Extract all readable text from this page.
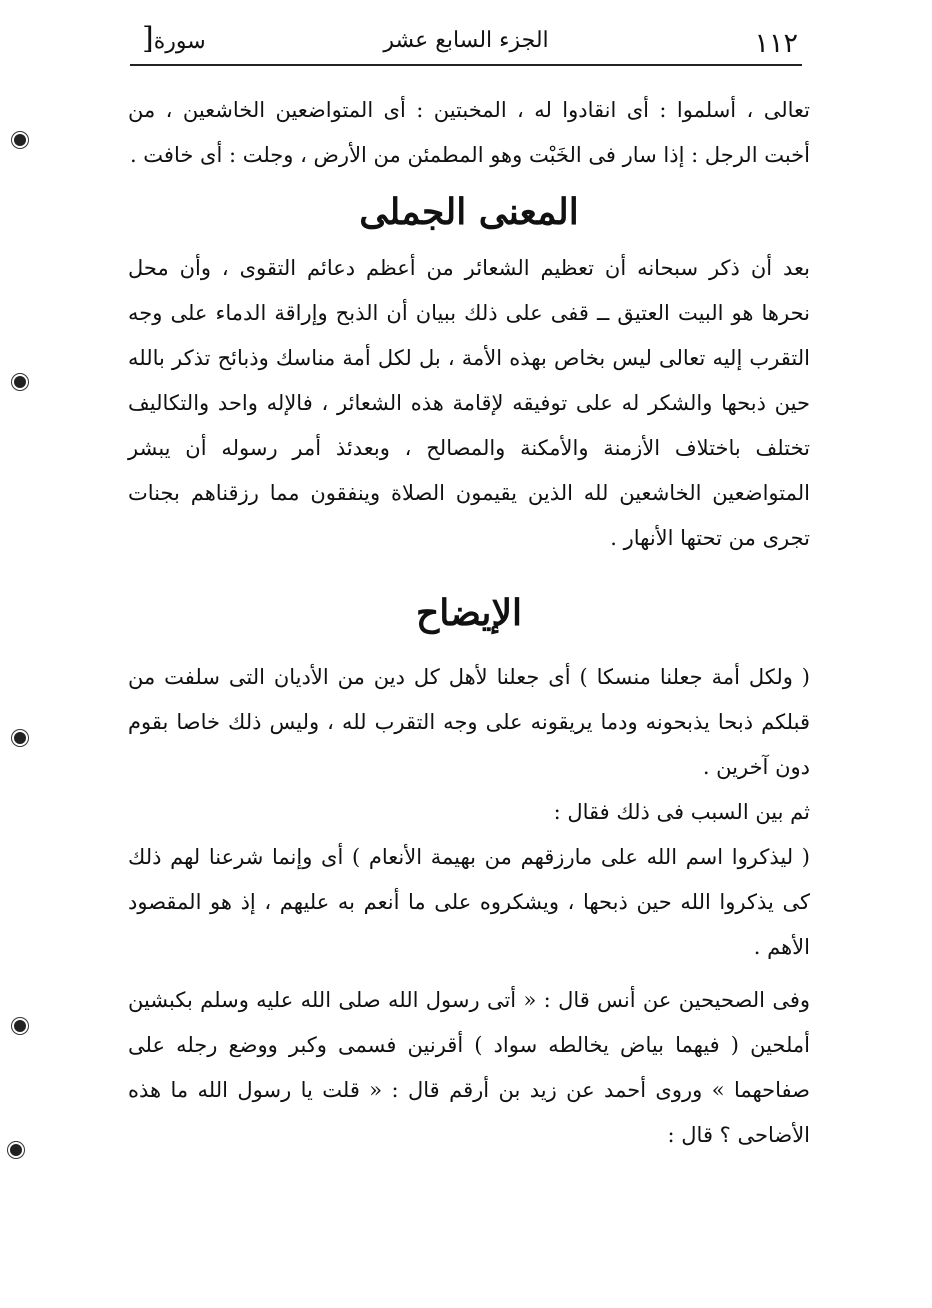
١١٢
الجزء السابع عشر
سورة[

تعالى ، أسلموا : أى انقادوا له ، المخبتين : أى المتواضعين الخاشعين ، من أخبت الرجل : إذا سار فى الخَبْت وهو المطمئن من الأرض ، وجلت : أى خافت .

المعنى الجملى

بعد أن ذكر سبحانه أن تعظيم الشعائر من أعظم دعائم التقوى ، وأن محل نحرها هو البيت العتيق ــ قفى على ذلك ببيان أن الذبح وإراقة الدماء على وجه التقرب إليه تعالى ليس بخاص بهذه الأمة ، بل لكل أمة مناسك وذبائح تذكر بالله حين ذبحها والشكر له على توفيقه لإقامة هذه الشعائر ، فالإله واحد والتكاليف تختلف باختلاف الأزمنة والأمكنة والمصالح ، وبعدئذ أمر رسوله أن يبشر المتواضعين الخاشعين لله الذين يقيمون الصلاة وينفقون مما رزقناهم بجنات تجرى من تحتها الأنهار .

الإيضاح

( ولكل أمة جعلنا منسكا ) أى جعلنا لأهل كل دين من الأديان التى سلفت من قبلكم ذبحا يذبحونه ودما يريقونه على وجه التقرب لله ، وليس ذلك خاصا بقوم دون آخرين .

ثم بين السبب فى ذلك فقال :

( ليذكروا اسم الله على مارزقهم من بهيمة الأنعام ) أى وإنما شرعنا لهم ذلك كى يذكروا الله حين ذبحها ، ويشكروه على ما أنعم به عليهم ، إذ هو المقصود الأهم .

وفى الصحيحين عن أنس قال : « أتى رسول الله صلى الله عليه وسلم بكبشين أملحين ( فيهما بياض يخالطه سواد ) أقرنين فسمى وكبر ووضع رجله على صفاحهما » وروى أحمد عن زيد بن أرقم قال : « قلت يا رسول الله ما هذه الأضاحى ؟ قال :
